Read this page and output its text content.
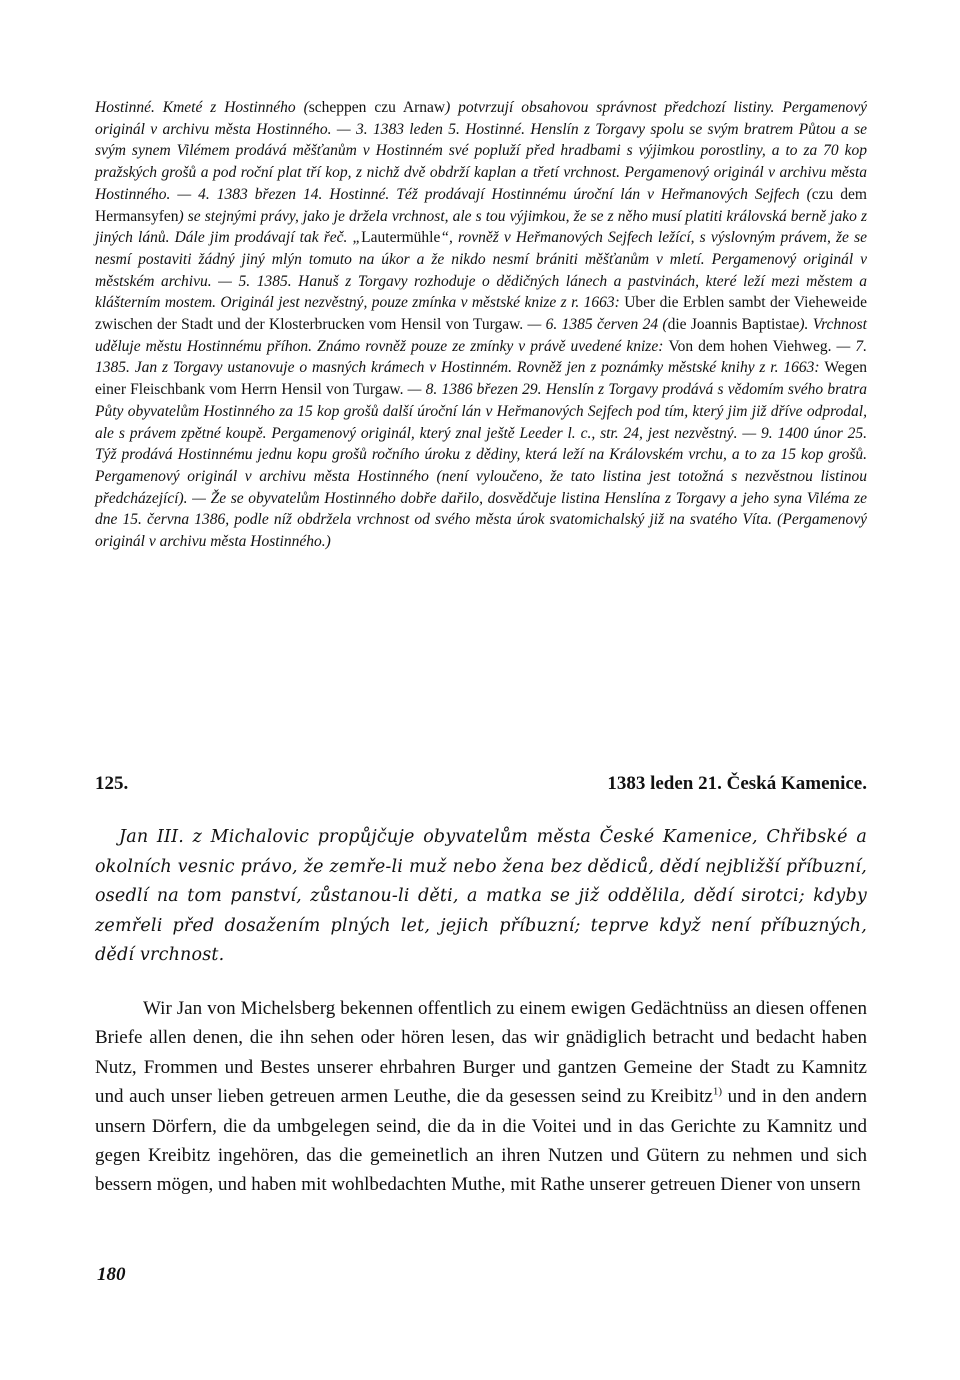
Hostinné. Kmeté z Hostinného (scheppen czu Arnaw) potvrzují obsahovou správnost předchozí listiny. Pergamenový originál v archivu města Hostinného. — 3. 1383 leden 5. Hostinné. Henslín z Torgavy spolu se svým bratrem Půtou a se svým synem Vilémem prodává měšťanům v Hostinném své popluží před hradbami s výjimkou porostliny, a to za 70 kop pražských grošů a pod roční plat tří kop, z nichž dvě obdrží kaplan a třetí vrchnost. Pergamenový originál v archivu města Hostinného. — 4. 1383 březen 14. Hostinné. Též prodávají Hostinnému úroční lán v Heřmanových Sejfech (czu dem Hermansyfen) se stejnými právy, jako je držela vrchnost, ale s tou výjimkou, že se z něho musí platiti královská berně jako z jiných lánů. Dále jim prodávají tak řeč. „Lautermühle“, rovněž v Heřmanových Sejfech ležící, s výslovným právem, že se nesmí postaviti žádný jiný mlýn tomuto na úkor a že nikdo nesmí brániti měšťanům v mletí. Pergamenový originál v městském archivu. — 5. 1385. Hanuš z Torgavy rozhoduje o dědičných lánech a pastvinách, které leží mezi městem a klášterním mostem. Originál jest nezvěstný, pouze zmínka v městské knize z r. 1663: Uber die Erblen sambt der Vieheweide zwischen der Stadt und der Klosterbrucken vom Hensil von Turgaw. — 6. 1385 červen 24 (die Joannis Baptistae). Vrchnost uděluje městu Hostinnému příhon. Známo rovněž pouze ze zmínky v právě uvedené knize: Von dem hohen Viehweg. — 7. 1385. Jan z Torgavy ustanovuje o masných krámech v Hostinném. Rovněž jen z poznámky městské knihy z r. 1663: Wegen einer Fleischbank vom Herrn Hensil von Turgaw. — 8. 1386 březen 29. Henslín z Torgavy prodává s vědomím svého bratra Půty obyvatelům Hostinného za 15 kop grošů další úroční lán v Heřmanových Sejfech pod tím, který jim již dříve odprodal, ale s právem zpětné koupě. Pergamenový originál, který znal ještě Leeder l. c., str. 24, jest nezvěstný. — 9. 1400 únor 25. Týž prodává Hostinnému jednu kopu grošů ročního úroku z dědiny, která leží na Královském vrchu, a to za 15 kop grošů. Pergamenový originál v archivu města Hostinného (není vyloučeno, že tato listina jest totožná s nezvěstnou listinou předcházející). — Že se obyvatelům Hostinného dobře dařilo, dosvědčuje listina Henslína z Torgavy a jeho syna Viléma ze dne 15. června 1386, podle níž obdržela vrchnost od svého města úrok svatomichalský již na svatého Víta. (Pergamenový originál v archivu města Hostinného.)

125.	1383 leden 21. Česká Kamenice.

Jan III. z Michalovic propůjčuje obyvatelům města České Kamenice, Chřibské a okolních vesnic právo, že zemře-li muž nebo žena bez dědiců, dědí nejbližší příbuzní, osedlí na tom panství, zůstanou-li děti, a matka se již oddělila, dědí sirotci; kdyby zemřeli před dosažením plných let, jejich příbuzní; teprve když není příbuzných, dědí vrchnost.

Wir Jan von Michelsberg bekennen offentlich zu einem ewigen Gedächtnüss an diesen offenen Briefe allen denen, die ihn sehen oder hören lesen, das wir gnädiglich betracht und bedacht haben Nutz, Frommen und Bestes unserer ehrbahren Burger und gantzen Gemeine der Stadt zu Kamnitz und auch unser lieben getreuen armen Leuthe, die da gesessen seind zu Kreibitz$^{1)}$ und in den andern unsern Dörfern, die da umbgelegen seind, die da in die Voitei und in das Gerichte zu Kamnitz und gegen Kreibitz ingehören, das die gemeinetlich an ihren Nutzen und Gütern zu nehmen und sich bessern mögen, und haben mit wohlbedachten Muthe, mit Rathe unserer getreuen Diener von unsern

180
